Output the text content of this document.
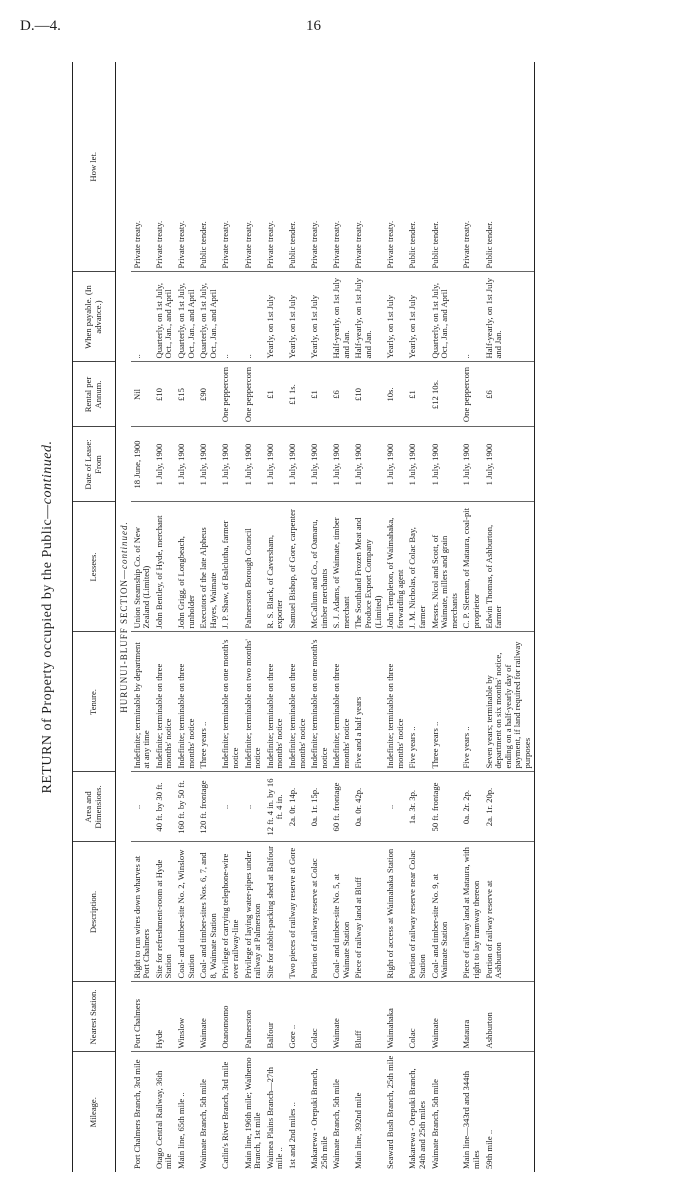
D.—4.	16
RETURN of Property occupied by the Public—continued.
Mileage.	Nearest Station.	Description.	Area and Dimensions.	Tenure.	Lessees.	Date of Lease: From	Rental per Annum.	When payable. (In advance.)	How let.
HURUNUI-BLUFF SECTION—continued.									
Port Chalmers Branch, 3rd mile	Port Chalmers	Right to run wires down wharves at Port Chalmers	..	Indefinite; terminable by department at any time	Union Steamship Co. of New Zealand (Limited)	18 June, 1900	Nil	..	Private treaty.
Otago Central Railway, 36th mile	Hyde	Site for refreshment-room at Hyde Station	40 ft. by 30 ft.	Indefinite; terminable on three months' notice	John Bentley, of Hyde, merchant	1 July, 1900	£10	Quarterly, on 1st July, Oct., Jan., and April	Private treaty.
Main line, 65th mile ..	Winslow	Coal- and timber-site No. 2, Winslow Station	160 ft. by 50 ft.	Indefinite; terminable on three months' notice	John Grigg, of Longbeach, runholder	1 July, 1900	£15	Quarterly, on 1st July, Oct., Jan., and April	Private treaty.
Waimate Branch, 5th mile	Waimate	Coal- and timber-sites Nos. 6, 7, and 8, Waimate Station	120 ft. frontage	Three years ..	Executors of the late Alpheus Hayes, Waimate	1 July, 1900	£90	Quarterly, on 1st July, Oct., Jan., and April	Public tender.
Catlin's River Branch, 3rd mile	Otanomomo	Privilege of carrying telephone-wire over railway-line	..	Indefinite; terminable on one month's notice	J. P. Shaw, of Balclutha, farmer	1 July, 1900	One peppercorn	..	Private treaty.
Main line, 196th mile; Waihemo Branch, 1st mile	Palmerston	Privilege of laying water-pipes under railway at Palmerston	..	Indefinite; terminable on two months' notice	Palmerston Borough Council	1 July, 1900	One peppercorn	..	Private treaty.
Waimea Plains Branch—27th mile ..	Balfour	Site for rabbit-packing shed at Balfour	12 ft. 4 in. by 16 ft. 4 in.	Indefinite; terminable on three months' notice	R. S. Black, of Caversham, exporter	1 July, 1900	£1	Yearly, on 1st July	Private treaty.
1st and 2nd miles ..	Gore ..	Two pieces of railway reserve at Gore	2a. 0r. 14p.	Indefinite; terminable on three months' notice	Samuel Bishop, of Gore, carpenter	1 July, 1900	£1 1s.	Yearly, on 1st July	Public tender.
Makarewa - Orepuki Branch, 25th mile	Colac	Portion of railway reserve at Colac	0a. 1r. 15p.	Indefinite; terminable on one month's notice	McCallum and Co., of Oamaru, timber merchants	1 July, 1900	£1	Yearly, on 1st July	Private treaty.
Waimate Branch, 5th mile	Waimate	Coal- and timber-site No. 5, at Waimate Station	60 ft. frontage	Indefinite; terminable on three months' notice	S. J. Adams, of Waimate, timber merchant	1 July, 1900	£6	Half-yearly, on 1st July and Jan.	Private treaty.
Main line, 392nd mile	Bluff	Piece of railway land at Bluff	0a. 0r. 42p.	Five and a half years	The Southland Frozen Meat and Produce Export Company (Limited)	1 July, 1900	£10	Half-yearly, on 1st July and Jan.	Private treaty.
Seaward Bush Branch, 25th mile	Waimahaka	Right of access at Waimahaka Station	..	Indefinite; terminable on three months' notice	John Templeton, of Waimahaka, forwarding agent	1 July, 1900	10s.	Yearly, on 1st July	Private treaty.
Makarewa - Orepuki Branch, 24th and 25th miles	Colac	Portion of railway reserve near Colac Station	1a. 3r. 3p.	Five years ..	J. M. Nicholas, of Colac Bay, farmer	1 July, 1900	£1	Yearly, on 1st July	Public tender.
Waimate Branch, 5th mile	Waimate	Coal- and timber-site No. 9, at Waimate Station	50 ft. frontage	Three years ..	Messrs. Nicol and Scott, of Waimate, millers and grain merchants	1 July, 1900	£12 10s.	Quarterly, on 1st July, Oct., Jan., and April	Public tender.
Main line—343rd and 344th miles	Mataura	Piece of railway land at Mataura, with right to lay tramway thereon	0a. 2r. 2p.	Five years ..	C. P. Sleeman, of Mataura, coal-pit proprietor	1 July, 1900	One peppercorn	..	Private treaty.
59th mile ..	Ashburton	Portion of railway reserve at Ashburton	2a. 1r. 20p.	Seven years; terminable by department on six months' notice, ending on a half-yearly day of payment, if land required for railway purposes	Edwin Thomas, of Ashburton, farmer	1 July, 1900	£6	Half-yearly, on 1st July and Jan.	Public tender.
